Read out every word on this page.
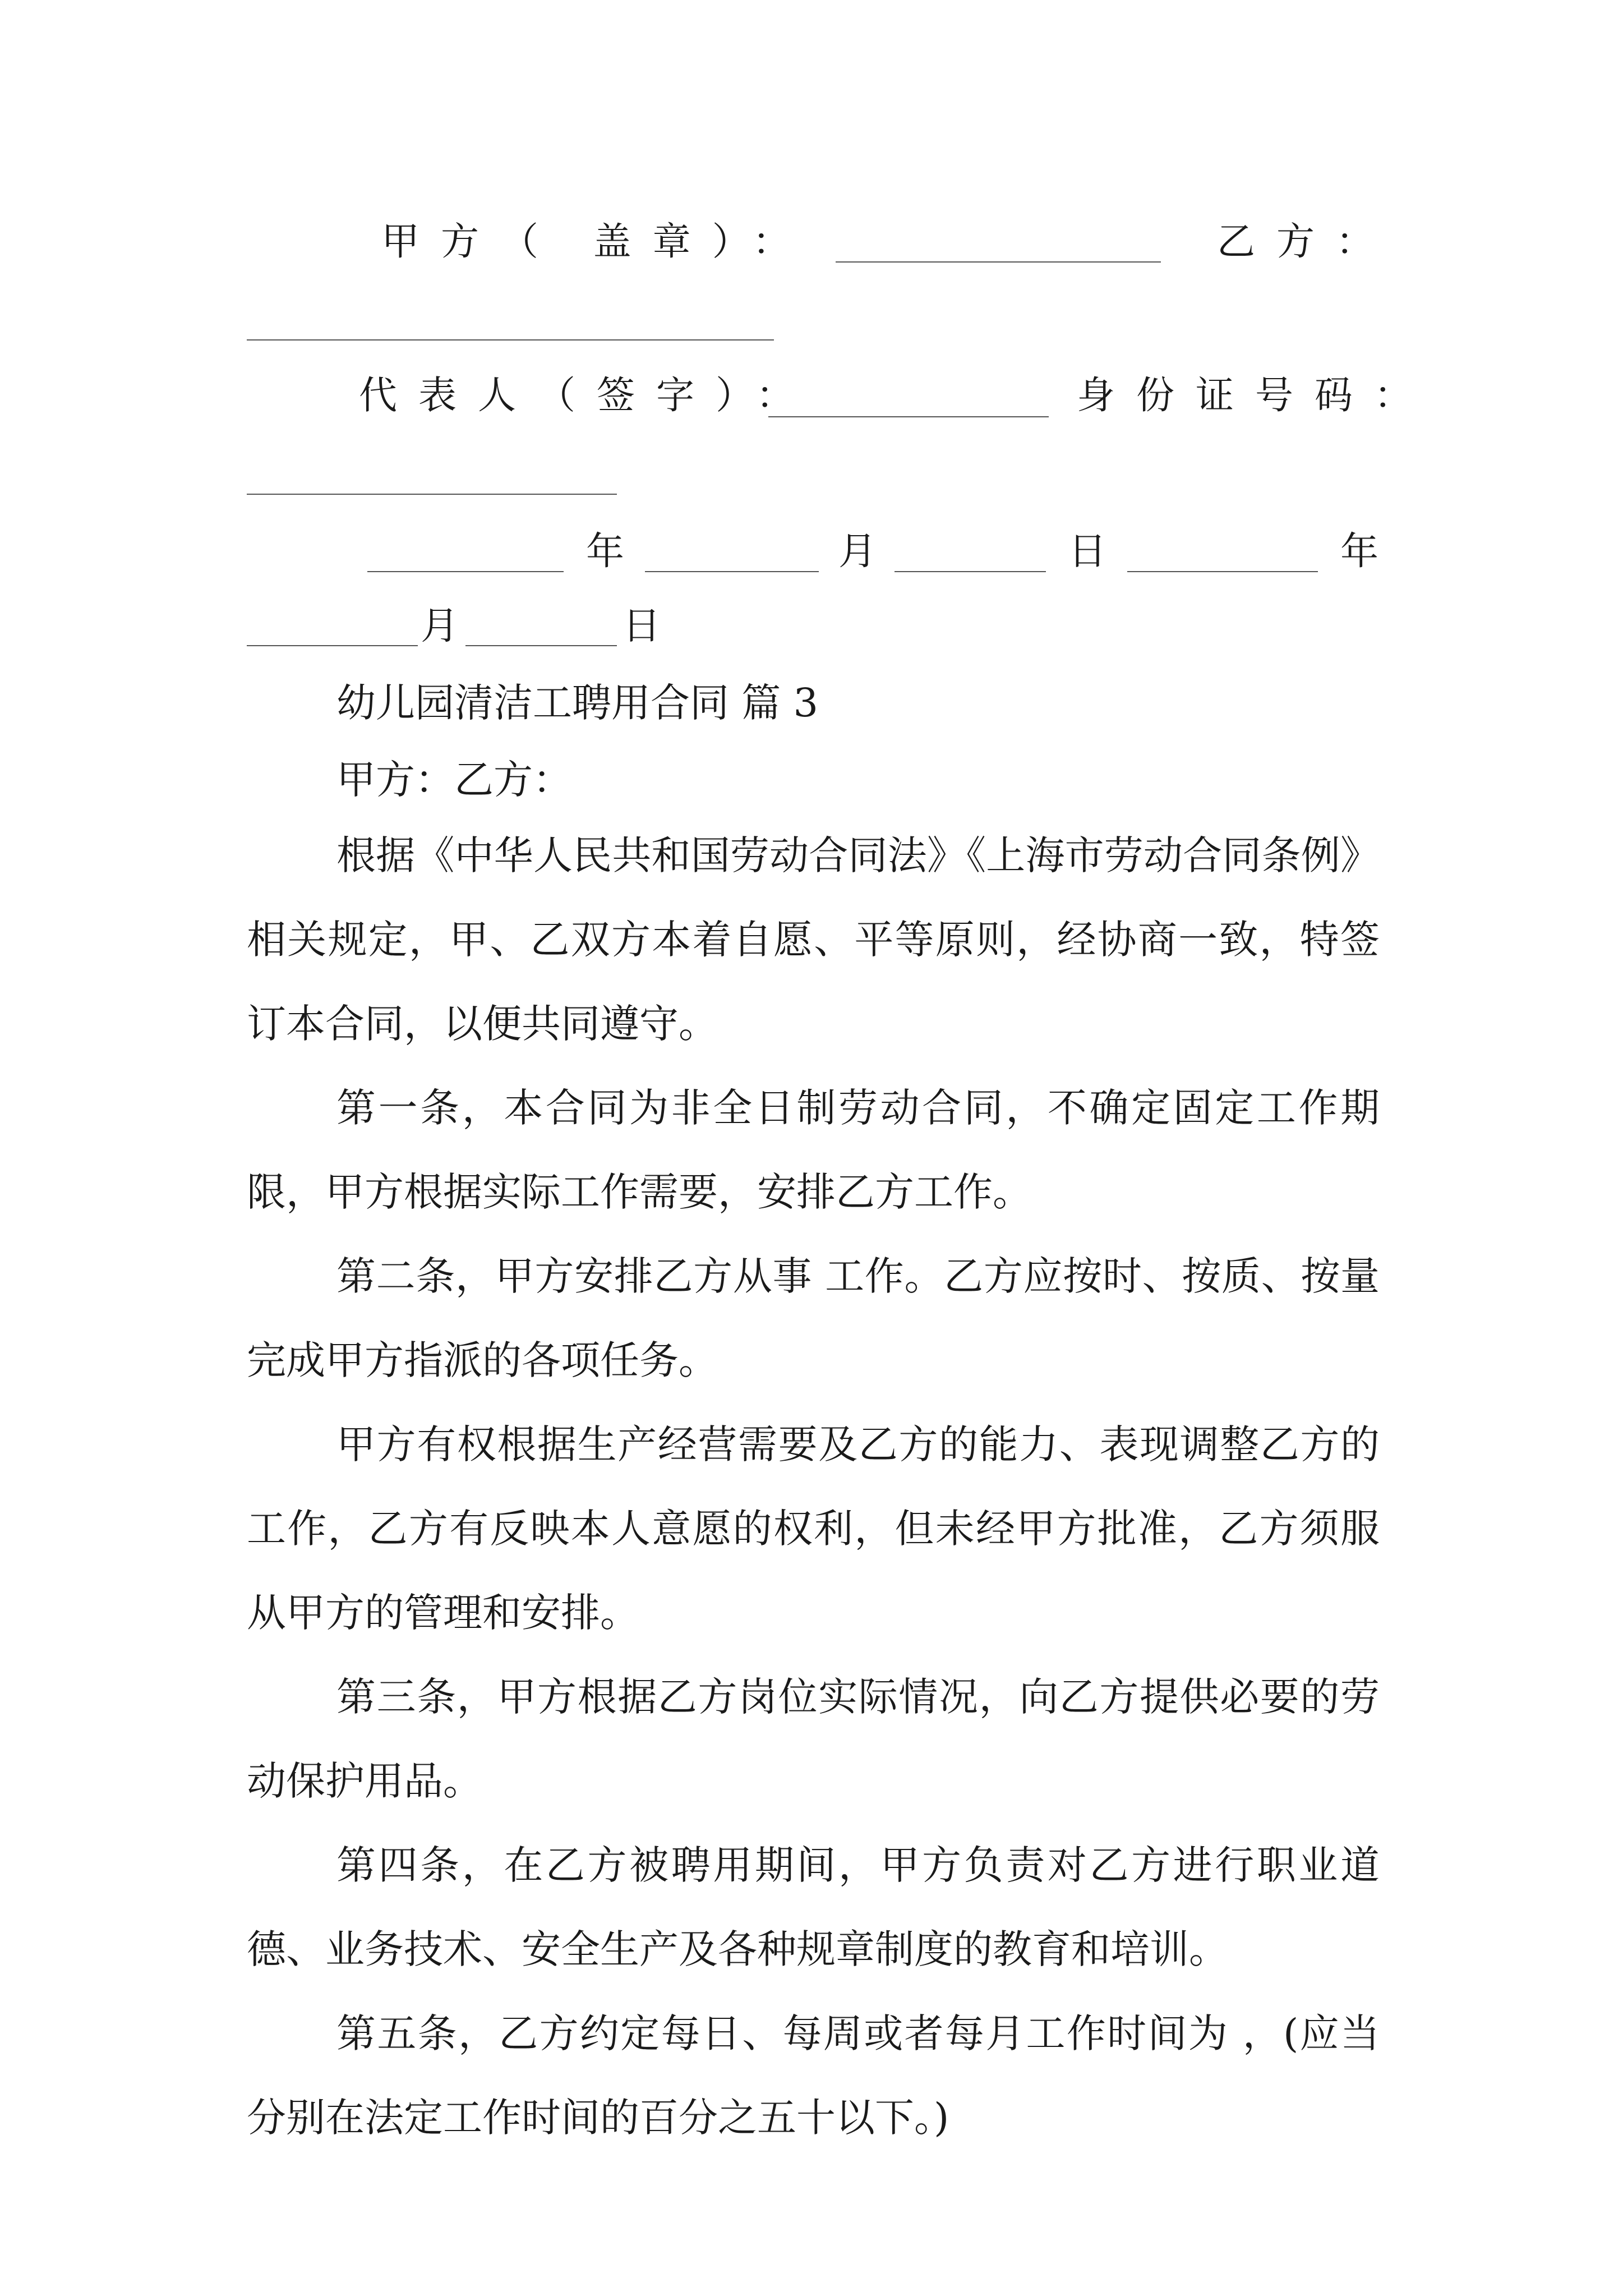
甲方（ 盖章）：	乙方：
代表人（签字）：	身份证号码：
年	月	日	年
月	日
幼儿园清洁工聘用合同 篇 3
甲方：乙方：

根据《中华人民共和国劳动合同法》《上海市劳动合同条例》相关规定，甲、乙双方本着自愿、平等原则，经协商一致，特签订本合同，以便共同遵守。

第一条，本合同为非全日制劳动合同，不确定固定工作期限，甲方根据实际工作需要，安排乙方工作。

第二条，甲方安排乙方从事 工作。乙方应按时、按质、按量完成甲方指派的各项任务。

甲方有权根据生产经营需要及乙方的能力、表现调整乙方的工作，乙方有反映本人意愿的权利，但未经甲方批准，乙方须服从甲方的管理和安排。

第三条，甲方根据乙方岗位实际情况，向乙方提供必要的劳动保护用品。

第四条，在乙方被聘用期间，甲方负责对乙方进行职业道德、业务技术、安全生产及各种规章制度的教育和培训。

第五条，乙方约定每日、每周或者每月工作时间为 ，(应当分别在法定工作时间的百分之五十以下。)
